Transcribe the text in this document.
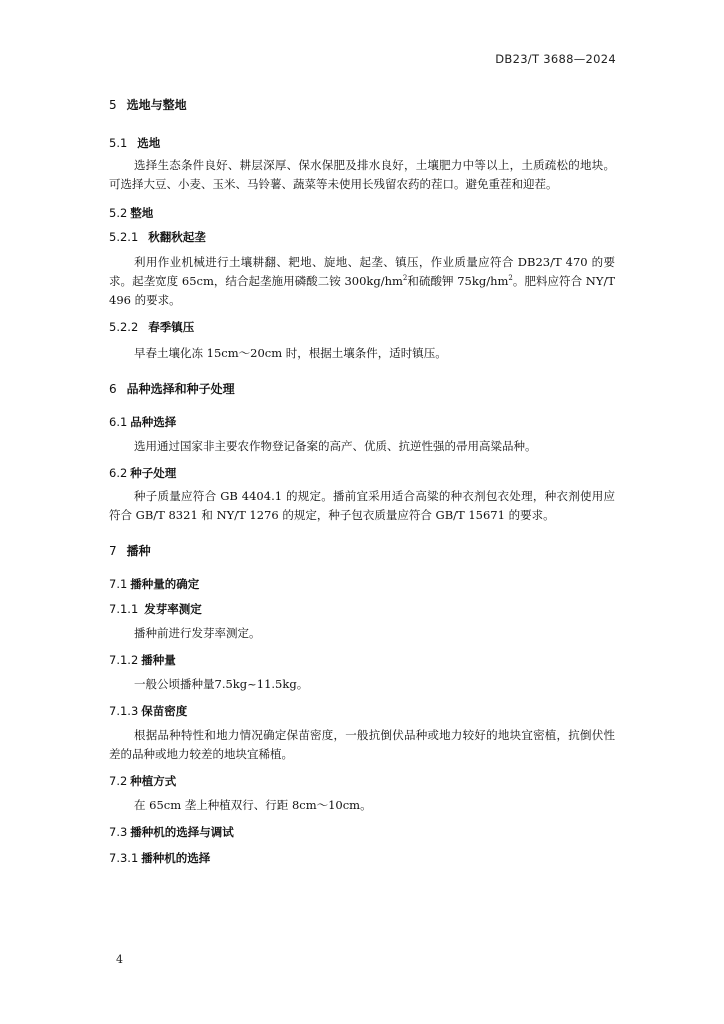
DB23/T 3688—2024
5 选地与整地
5.1 选地

选择生态条件良好、耕层深厚、保水保肥及排水良好，土壤肥力中等以上，土质疏松的地块。可选择大豆、小麦、玉米、马铃薯、蔬菜等未使用长残留农药的茬口。避免重茬和迎茬。

5.2 整地
5.2.1 秋翻秋起垄

利用作业机械进行土壤耕翻、耙地、旋地、起垄、镇压，作业质量应符合 DB23/T 470 的要求。起垄宽度 65cm，结合起垄施用磷酸二铵 $300kg/hm^2$和硫酸钾 $75kg/hm^2$。肥料应符合 NY/T 496 的要求。

5.2.2 春季镇压

早春土壤化冻 15cm～20cm 时，根据土壤条件，适时镇压。

6 品种选择和种子处理
6.1 品种选择

选用通过国家非主要农作物登记备案的高产、优质、抗逆性强的帚用高粱品种。

6.2 种子处理

种子质量应符合 GB 4404.1 的规定。播前宜采用适合高粱的种衣剂包衣处理，种衣剂使用应符合 GB/T 8321 和 NY/T 1276 的规定，种子包衣质量应符合 GB/T 15671 的要求。

7 播种
7.1 播种量的确定
7.1.1 发芽率测定

播种前进行发芽率测定。

7.1.2 播种量

一般公顷播种量7.5kg~11.5kg。

7.1.3 保苗密度

根据品种特性和地力情况确定保苗密度，一般抗倒伏品种或地力较好的地块宜密植，抗倒伏性差的品种或地力较差的地块宜稀植。

7.2 种植方式

在 65cm 垄上种植双行、行距 8cm～10cm。

7.3 播种机的选择与调试
7.3.1 播种机的选择
4
